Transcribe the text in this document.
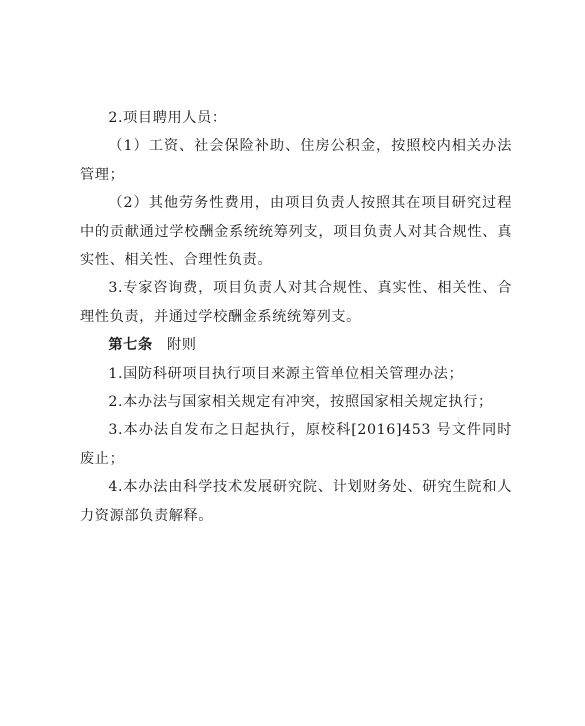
2.项目聘用人员：

（1）工资、社会保险补助、住房公积金，按照校内相关办法管理；

（2）其他劳务性费用，由项目负责人按照其在项目研究过程中的贡献通过学校酬金系统统筹列支，项目负责人对其合规性、真实性、相关性、合理性负责。

3.专家咨询费，项目负责人对其合规性、真实性、相关性、合理性负责，并通过学校酬金系统统筹列支。

第七条 附则

1.国防科研项目执行项目来源主管单位相关管理办法；

2.本办法与国家相关规定有冲突，按照国家相关规定执行；

3.本办法自发布之日起执行，原校科[2016]453 号文件同时废止；

4.本办法由科学技术发展研究院、计划财务处、研究生院和人力资源部负责解释。
